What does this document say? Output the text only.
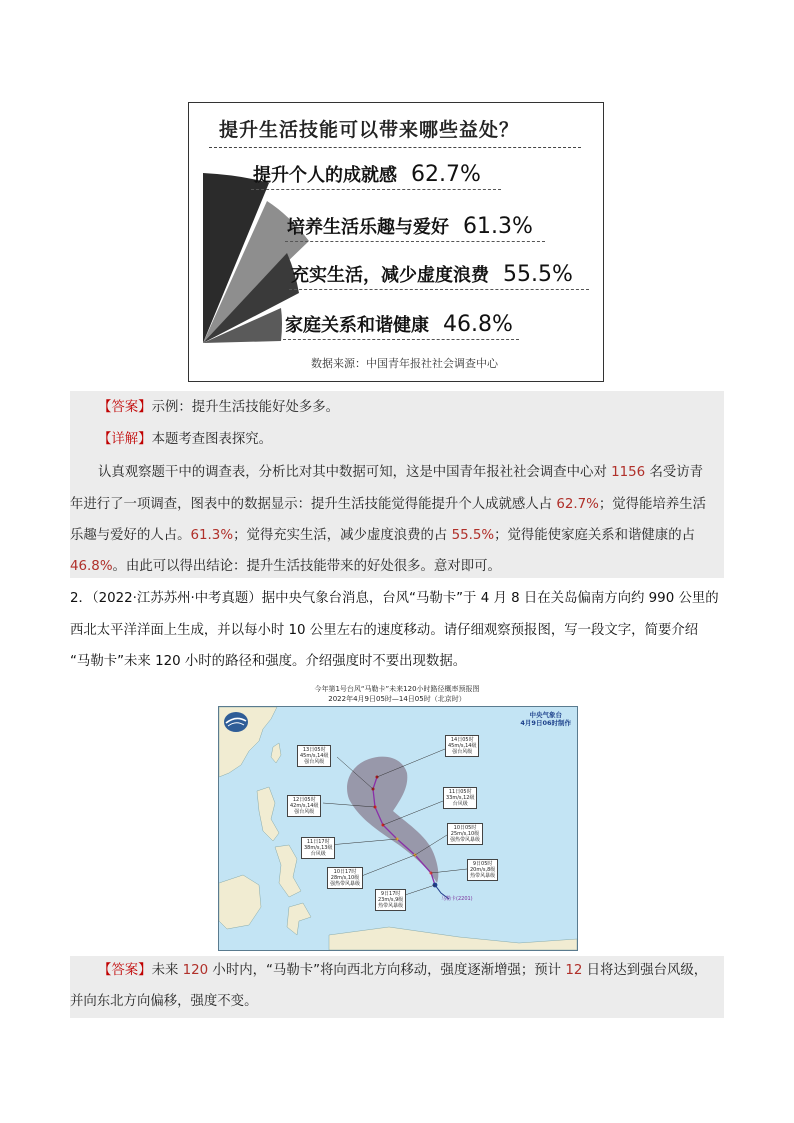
提升生活技能可以带来哪些益处？
提升个人的成就感 62.7%
培养生活乐趣与爱好 61.3%
充实生活，减少虚度浪费 55.5%
家庭关系和谐健康 46.8%
数据来源：中国青年报社社会调查中心
【答案】示例：提升生活技能好处多多。
【详解】本题考查图表探究。
认真观察题干中的调查表，分析比对其中数据可知，这是中国青年报社社会调查中心对 1156 名受访青
年进行了一项调查，图表中的数据显示：提升生活技能觉得能提升个人成就感人占 62.7%；觉得能培养生活
乐趣与爱好的人占。61.3%；觉得充实生活，减少虚度浪费的占 55.5%；觉得能使家庭关系和谐健康的占
46.8%。由此可以得出结论：提升生活技能带来的好处很多。意对即可。
2．（2022·江苏苏州·中考真题）据中央气象台消息，台风“马勒卡”于 4 月 8 日在关岛偏南方向约 990 公里的
西北太平洋洋面上生成，并以每小时 10 公里左右的速度移动。请仔细观察预报图，写一段文字，简要介绍
“马勒卡”未来 120 小时的路径和强度。介绍强度时不要出现数据。
今年第1号台风“马勒卡”未来120小时路径概率预报图
2022年4月9日05时—14日05时（北京时）
中央气象台
4月9日06时制作
14日05时
45m/s,14级
强台风级
13日05时
45m/s,14级
强台风级
11日05时
33m/s,12级
台风级
12日05时
42m/s,14级
强台风级
10日05时
25m/s,10级
强热带风暴级
11日17时
38m/s,13级
台风级
9日05时
20m/s,8级
热带风暴级
10日17时
28m/s,10级
强热带风暴级
9日17时
23m/s,9级
热带风暴级
马勒卡(2201)
【答案】未来 120 小时内，“马勒卡”将向西北方向移动，强度逐渐增强；预计 12 日将达到强台风级，
并向东北方向偏移，强度不变。
